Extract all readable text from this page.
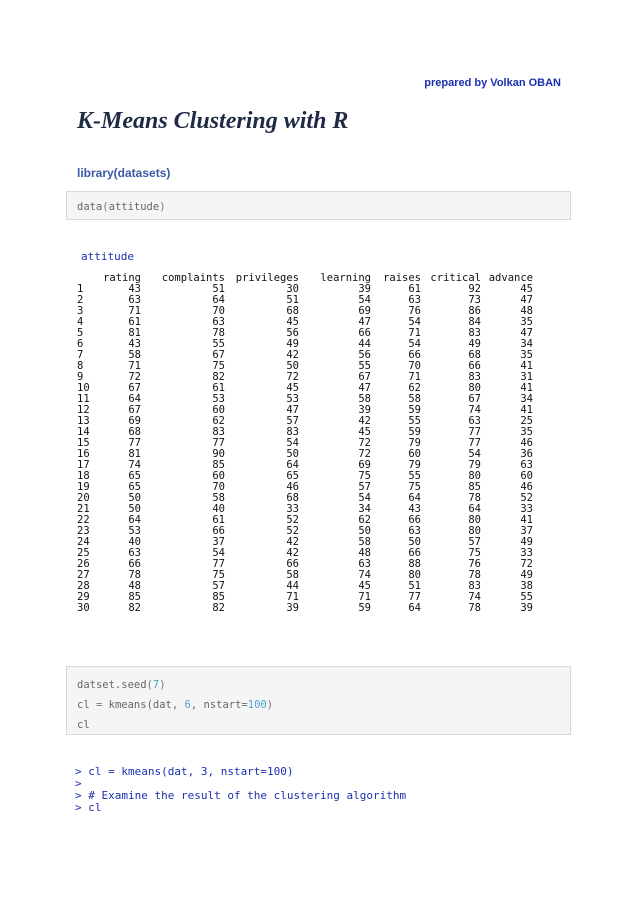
prepared by Volkan OBAN
K-Means Clustering with R
library(datasets)
data(attitude)
attitude
	rating	complaints	privileges	learning	raises	critical	advance
1	43	51	30	39	61	92	45
2	63	64	51	54	63	73	47
3	71	70	68	69	76	86	48
4	61	63	45	47	54	84	35
5	81	78	56	66	71	83	47
6	43	55	49	44	54	49	34
7	58	67	42	56	66	68	35
8	71	75	50	55	70	66	41
9	72	82	72	67	71	83	31
10	67	61	45	47	62	80	41
11	64	53	53	58	58	67	34
12	67	60	47	39	59	74	41
13	69	62	57	42	55	63	25
14	68	83	83	45	59	77	35
15	77	77	54	72	79	77	46
16	81	90	50	72	60	54	36
17	74	85	64	69	79	79	63
18	65	60	65	75	55	80	60
19	65	70	46	57	75	85	46
20	50	58	68	54	64	78	52
21	50	40	33	34	43	64	33
22	64	61	52	62	66	80	41
23	53	66	52	50	63	80	37
24	40	37	42	58	50	57	49
25	63	54	42	48	66	75	33
26	66	77	66	63	88	76	72
27	78	75	58	74	80	78	49
28	48	57	44	45	51	83	38
29	85	85	71	71	77	74	55
30	82	82	39	59	64	78	39
datset.seed(7)
cl = kmeans(dat, 6, nstart=100)
cl
> cl = kmeans(dat, 3, nstart=100)
>
> # Examine the result of the clustering algorithm
> cl
